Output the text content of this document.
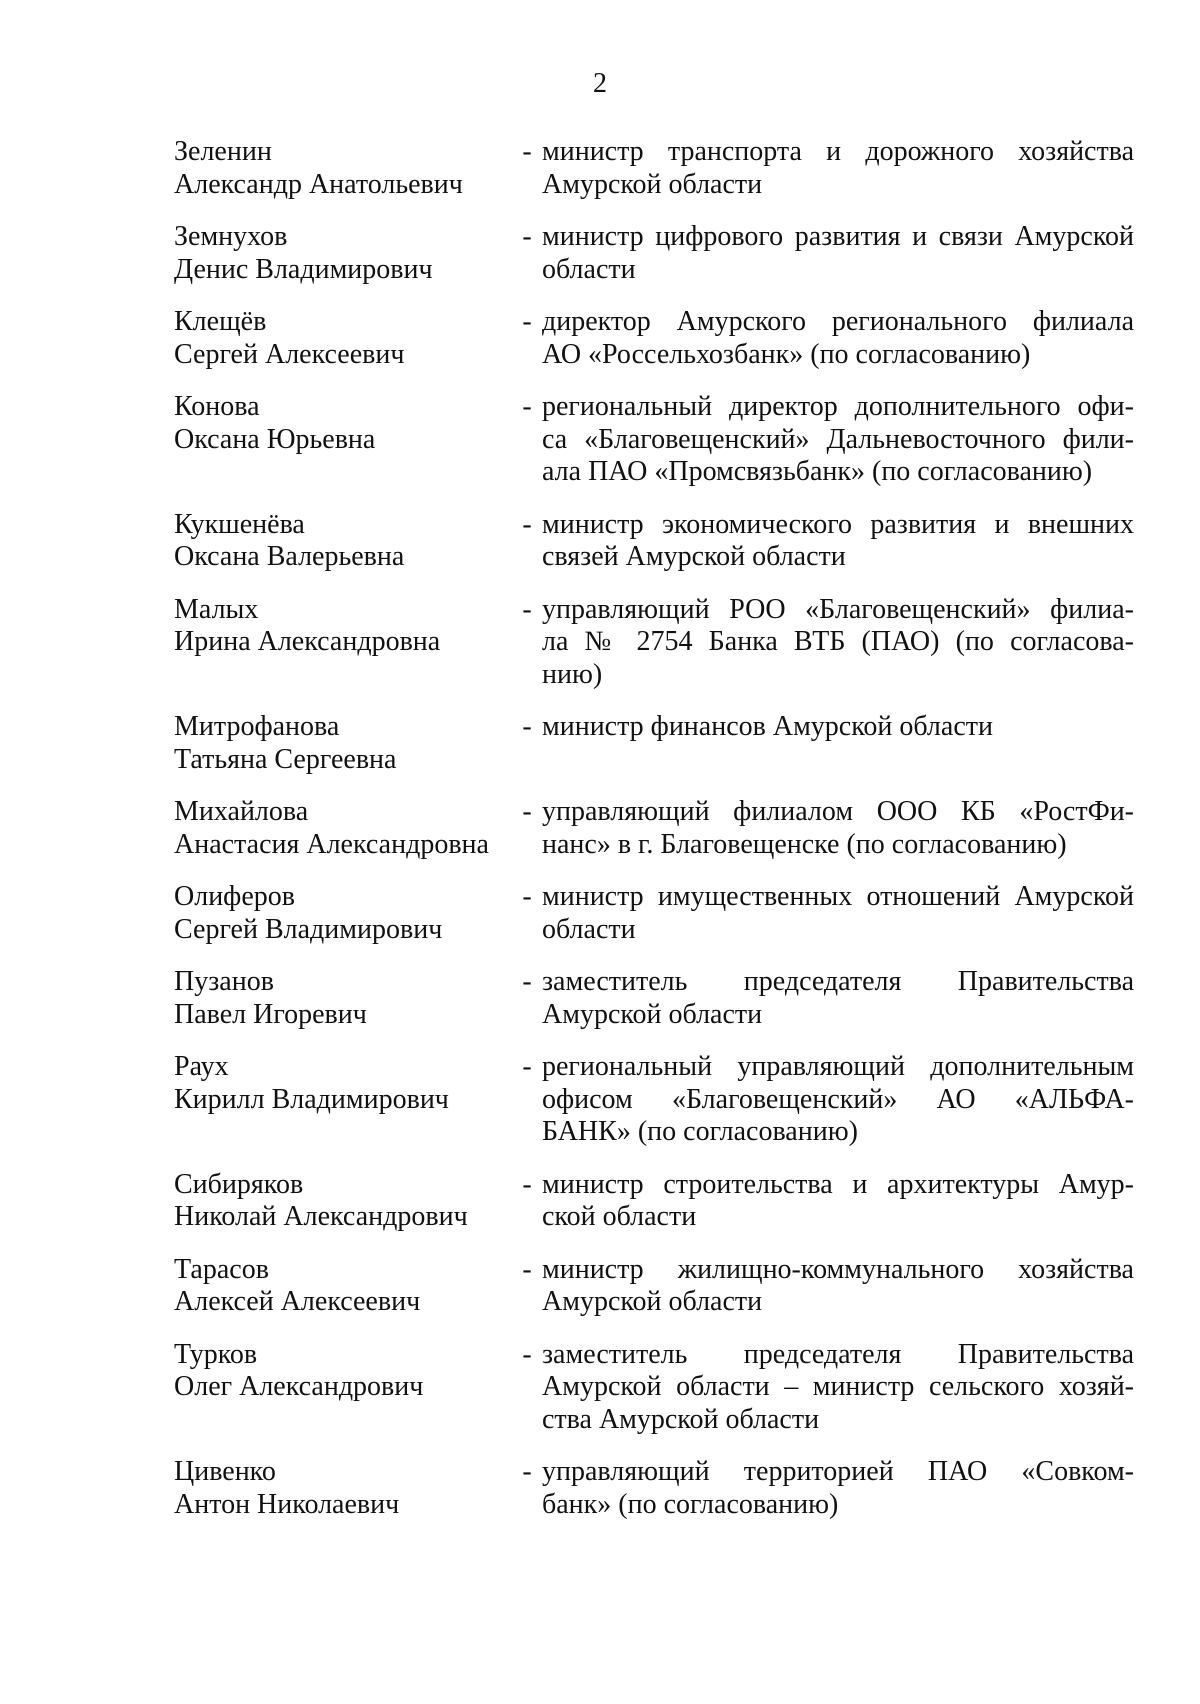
2
Зеленин
Александр Анатольевич
- министр транспорта и дорожного хозяйства
Амурской области
Земнухов
Денис Владимирович
- министр цифрового развития и связи Амурской
области
Клещёв
Сергей Алексеевич
- директор Амурского регионального филиала
АО «Россельхозбанк» (по согласованию)
Конова
Оксана Юрьевна
- региональный директор дополнительного офи-
са «Благовещенский» Дальневосточного фили-
ала ПАО «Промсвязьбанк» (по согласованию)
Кукшенёва
Оксана Валерьевна
- министр экономического развития и внешних
связей Амурской области
Малых
Ирина Александровна
- управляющий РОО «Благовещенский» филиа-
ла № 2754 Банка ВТБ (ПАО) (по согласова-
нию)
Митрофанова
Татьяна Сергеевна
- министр финансов Амурской области
Михайлова
Анастасия Александровна
- управляющий филиалом ООО КБ «РостФи-
нанс» в г. Благовещенске (по согласованию)
Олиферов
Сергей Владимирович
- министр имущественных отношений Амурской
области
Пузанов
Павел Игоревич
- заместитель председателя Правительства
Амурской области
Раух
Кирилл Владимирович
- региональный управляющий дополнительным
офисом «Благовещенский» АО «АЛЬФА-
БАНК» (по согласованию)
Сибиряков
Николай Александрович
- министр строительства и архитектуры Амур-
ской области
Тарасов
Алексей Алексеевич
- министр жилищно-коммунального хозяйства
Амурской области
Турков
Олег Александрович
- заместитель председателя Правительства
Амурской области – министр сельского хозяй-
ства Амурской области
Цивенко
Антон Николаевич
- управляющий территорией ПАО «Совком-
банк» (по согласованию)
